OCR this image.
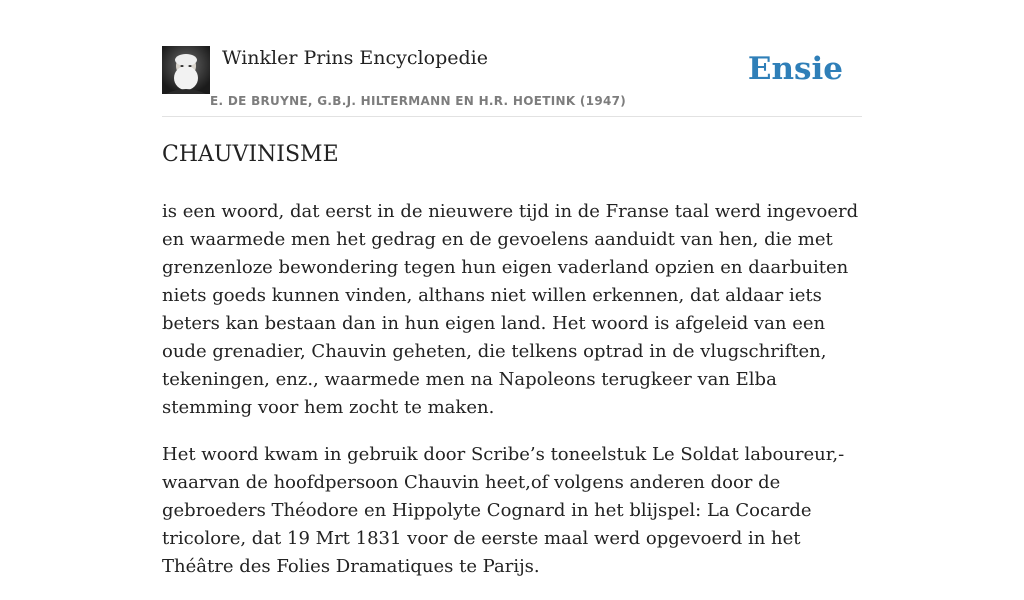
Winkler Prins Encyclopedie
E. DE BRUYNE, G.B.J. HILTERMANN EN H.R. HOETINK (1947)
Ensie
CHAUVINISME

is een woord, dat eerst in de nieuwere tijd in de Franse taal werd ingevoerd en waarmede men het gedrag en de gevoelens aanduidt van hen, die met grenzenloze bewondering tegen hun eigen vaderland opzien en daarbuiten niets goeds kunnen vinden, althans niet willen erkennen, dat aldaar iets beters kan bestaan dan in hun eigen land. Het woord is afgeleid van een oude grenadier, Chauvin geheten, die telkens optrad in de vlugschriften, tekeningen, enz., waarmede men na Napoleons terugkeer van Elba stemming voor hem zocht te maken.

Het woord kwam in gebruik door Scribe’s toneelstuk Le Soldat laboureur,-waarvan de hoofdpersoon Chauvin heet,of volgens anderen door de gebroeders Théodore en Hippolyte Cognard in het blijspel: La Cocarde tricolore, dat 19 Mrt 1831 voor de eerste maal werd opgevoerd in het Théâtre des Folies Dramatiques te Parijs.
